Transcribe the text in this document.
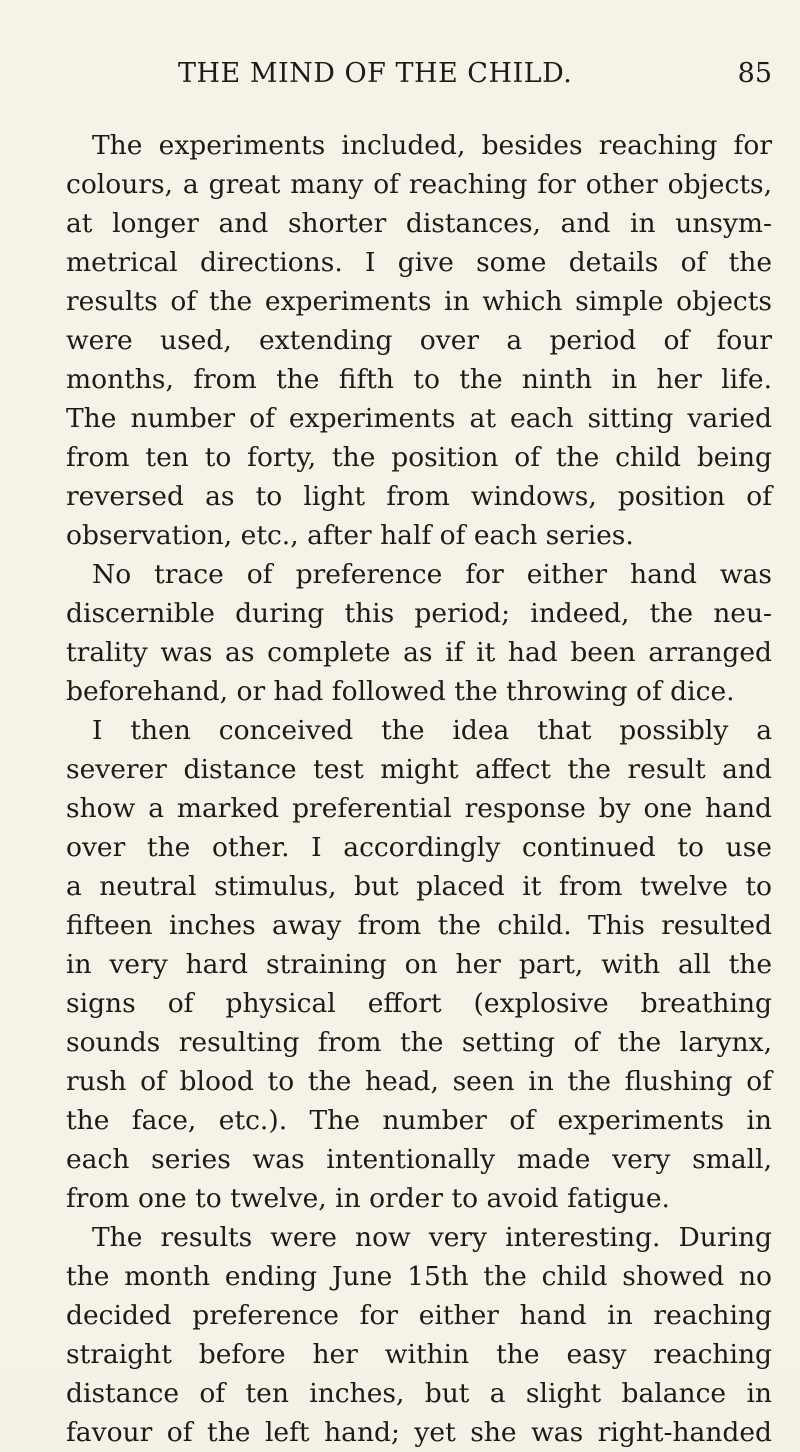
THE MIND OF THE CHILD.	85
The experiments included, besides reaching for
colours, a great many of reaching for other objects,
at longer and shorter distances, and in unsym-
metrical directions. I give some details of the
results of the experiments in which simple objects
were used, extending over a period of four
months, from the fifth to the ninth in her life.
The number of experiments at each sitting varied
from ten to forty, the position of the child being
reversed as to light from windows, position of
observation, etc., after half of each series.
No trace of preference for either hand was
discernible during this period; indeed, the neu-
trality was as complete as if it had been arranged
beforehand, or had followed the throwing of dice.
I then conceived the idea that possibly a
severer distance test might affect the result and
show a marked preferential response by one hand
over the other. I accordingly continued to use
a neutral stimulus, but placed it from twelve to
fifteen inches away from the child. This resulted
in very hard straining on her part, with all the
signs of physical effort (explosive breathing
sounds resulting from the setting of the larynx,
rush of blood to the head, seen in the flushing of
the face, etc.). The number of experiments in
each series was intentionally made very small,
from one to twelve, in order to avoid fatigue.
The results were now very interesting. During
the month ending June 15th the child showed no
decided preference for either hand in reaching
straight before her within the easy reaching
distance of ten inches, but a slight balance in
favour of the left hand; yet she was right-handed
